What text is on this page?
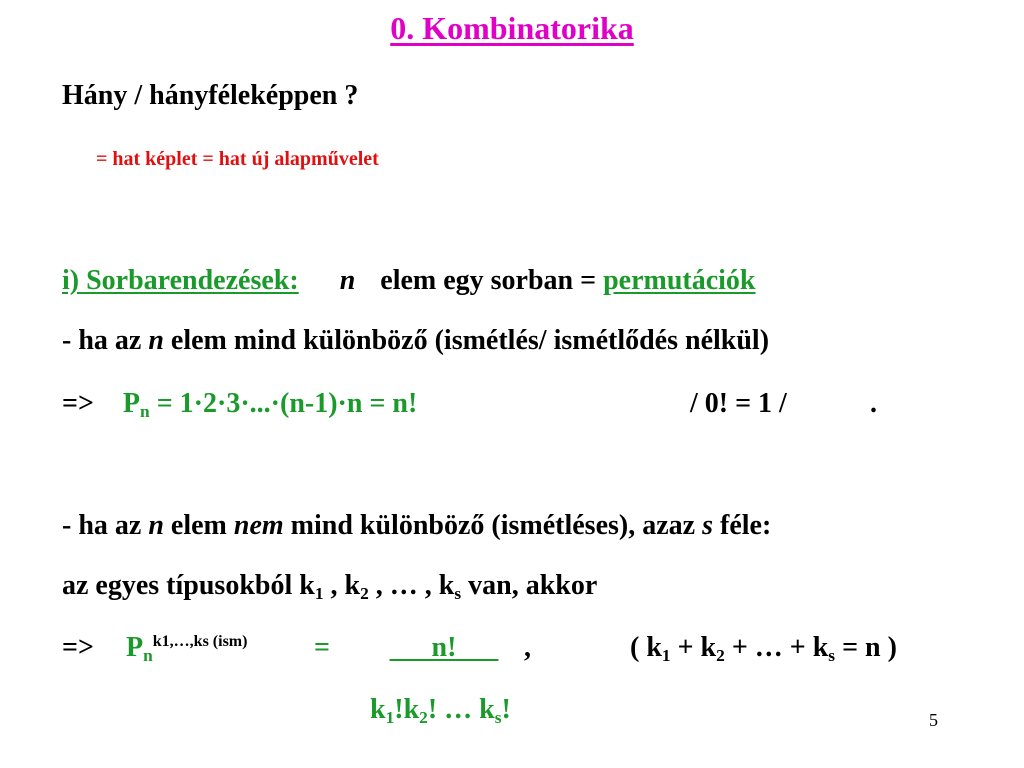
0. Kombinatorika
Hány / hányféleképpen ?
= hat képlet = hat új alapművelet
i) Sorbarendezések: n elem egy sorban = permutációk
- ha az n elem mind különböző (ismétlés/ ismétlődés nélkül)
=> $P_n = 1\cdot 2\cdot 3\cdot...\cdot(n-1)\cdot n = n$!	/ 0! = 1 /	.
- ha az n elem nem mind különböző (ismétléses), azaz s féle:
az egyes típusokból $k_1$ , $k_2$ , … , $k_s$ van, akkor
=> $P_n^{k1,\dots,ks (ism)}$ =	n! ,	( $k_1 + k_2$ + … + $k_s = n$ )
$k_1!k_2$! … $k_s$!	5
